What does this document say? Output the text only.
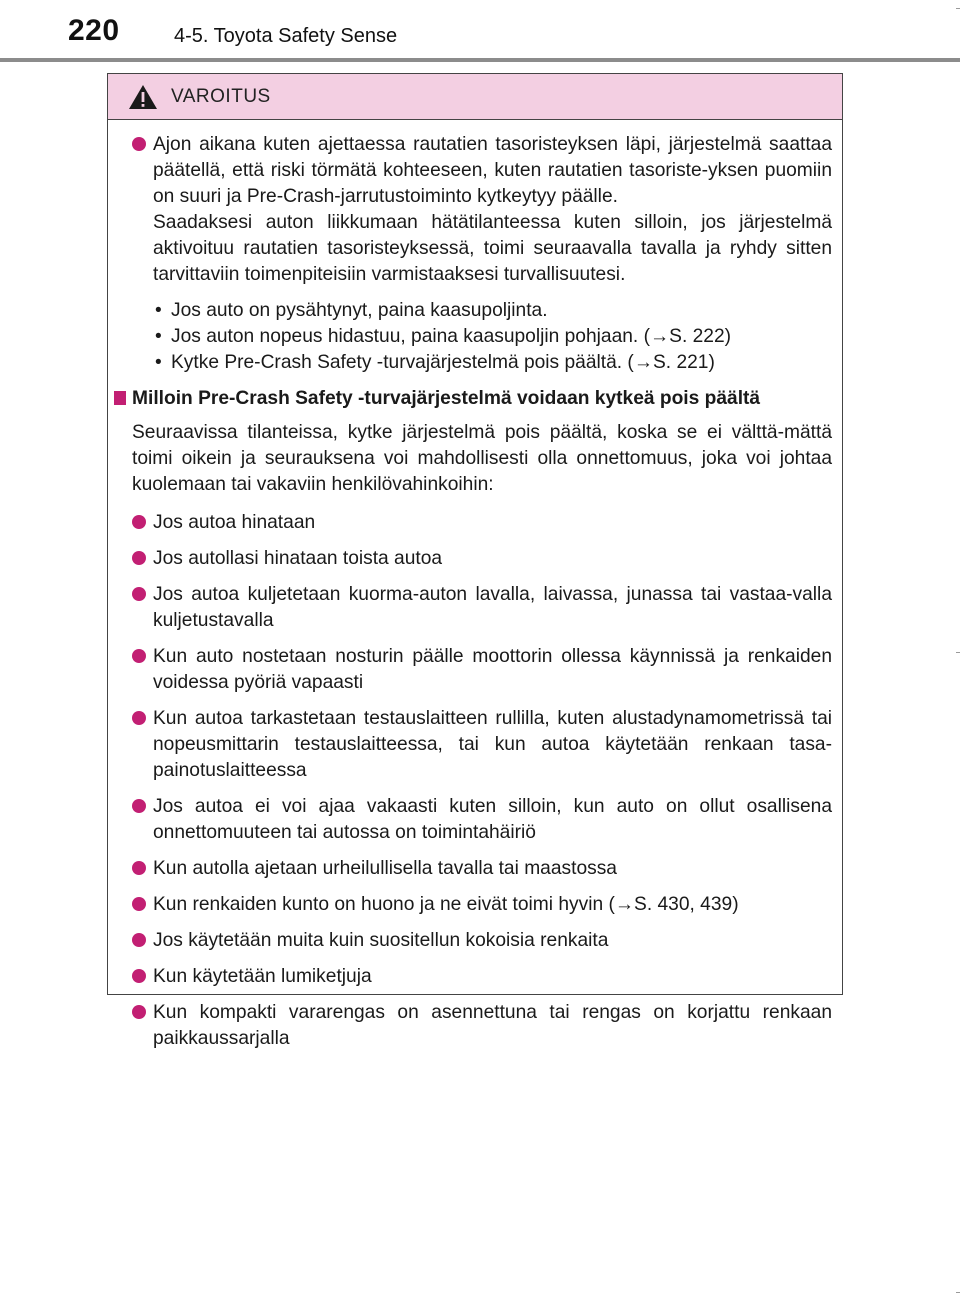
220	4-5. Toyota Safety Sense
VAROITUS

Ajon aikana kuten ajettaessa rautatien tasoristeyksen läpi, järjestelmä saattaa päätellä, että riski törmätä kohteeseen, kuten rautatien tasoriste-yksen puomiin on suuri ja Pre-Crash-jarrutustoiminto kytkeytyy päälle.

Saadaksesi auton liikkumaan hätätilanteessa kuten silloin, jos järjestelmä aktivoituu rautatien tasoristeyksessä, toimi seuraavalla tavalla ja ryhdy sitten tarvittaviin toimenpiteisiin varmistaaksesi turvallisuutesi.

• Jos auto on pysähtynyt, paina kaasupoljinta.
• Jos auton nopeus hidastuu, paina kaasupoljin pohjaan. (→S. 222)
• Kytke Pre-Crash Safety -turvajärjestelmä pois päältä. (→S. 221)
Milloin Pre-Crash Safety -turvajärjestelmä voidaan kytkeä pois päältä
Seuraavissa tilanteissa, kytke järjestelmä pois päältä, koska se ei välttä-mättä toimi oikein ja seurauksena voi mahdollisesti olla onnettomuus, joka voi johtaa kuolemaan tai vakaviin henkilövahinkoihin:

Jos autoa hinataan

Jos autollasi hinataan toista autoa

Jos autoa kuljetetaan kuorma-auton lavalla, laivassa, junassa tai vastaa-valla kuljetustavalla

Kun auto nostetaan nosturin päälle moottorin ollessa käynnissä ja renkaiden voidessa pyöriä vapaasti

Kun autoa tarkastetaan testauslaitteen rullilla, kuten alustadynamometrissä tai nopeusmittarin testauslaitteessa, tai kun autoa käytetään renkaan tasa-painotuslaitteessa

Jos autoa ei voi ajaa vakaasti kuten silloin, kun auto on ollut osallisena onnettomuuteen tai autossa on toimintahäiriö

Kun autolla ajetaan urheilullisella tavalla tai maastossa

Kun renkaiden kunto on huono ja ne eivät toimi hyvin (→S. 430, 439)

Jos käytetään muita kuin suositellun kokoisia renkaita

Kun käytetään lumiketjuja

Kun kompakti vararengas on asennettuna tai rengas on korjattu renkaan paikkaussarjalla
